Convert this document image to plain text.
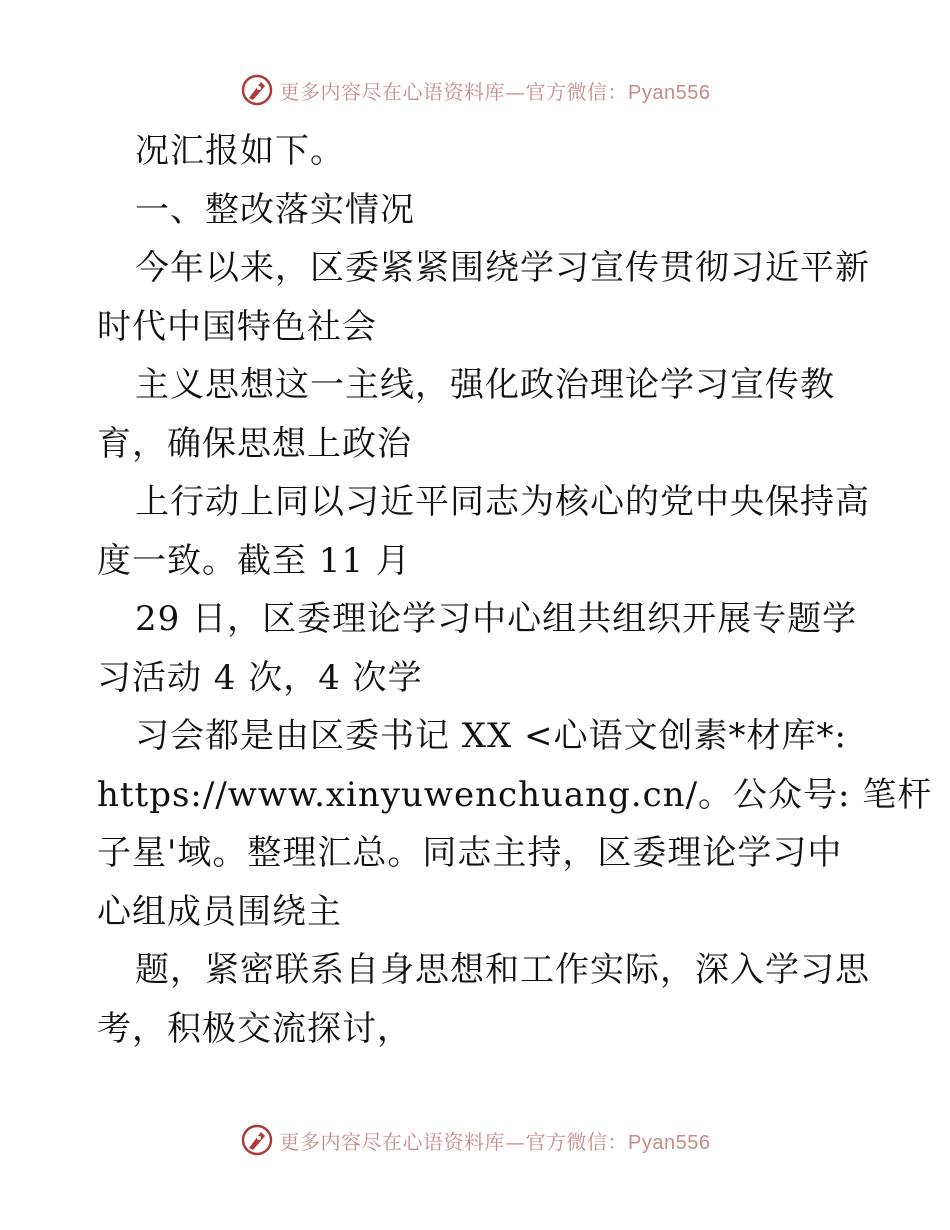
更多内容尽在心语资料库—官方微信：Pyan556
况汇报如下。
一、整改落实情况
今年以来，区委紧紧围绕学习宣传贯彻习近平新
时代中国特色社会
主义思想这一主线，强化政治理论学习宣传教
育，确保思想上政治
上行动上同以习近平同志为核心的党中央保持高
度一致。截至 11 月
29 日，区委理论学习中心组共组织开展专题学
习活动 4 次，4 次学
习会都是由区委书记 XX <心语文创素*材库*:
https://www.xinyuwenchuang.cn/。公众号: 笔杆
子星'域。整理汇总。同志主持，区委理论学习中
心组成员围绕主
题，紧密联系自身思想和工作实际，深入学习思
考，积极交流探讨，
更多内容尽在心语资料库—官方微信：Pyan556
